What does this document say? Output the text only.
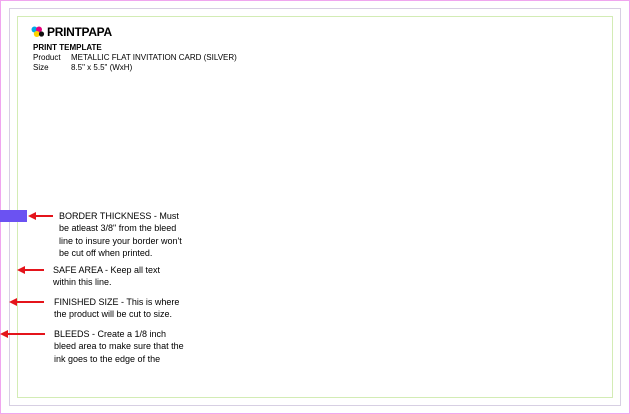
PRINTPAPA
PRINT TEMPLATE
Product	METALLIC FLAT INVITATION CARD (SILVER)
Size	8.5" x 5.5" (WxH)
BORDER THICKNESS - Must
be atleast 3/8" from the bleed
line to insure your border won't
be cut off when printed.
SAFE AREA - Keep all text
within this line.
FINISHED SIZE - This is where
the product will be cut to size.
BLEEDS - Create a 1/8 inch
bleed area to make sure that the
ink goes to the edge of the
